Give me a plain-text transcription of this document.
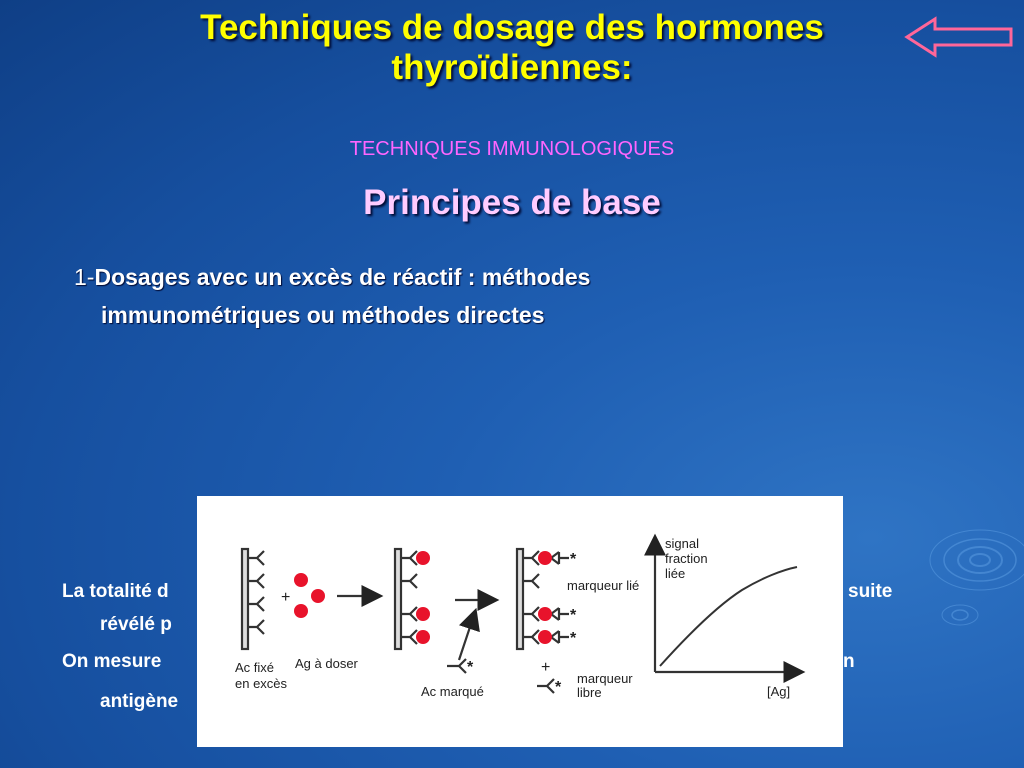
Techniques de dosage des hormones
thyroïdiennes:
TECHNIQUES IMMUNOLOGIQUES
Principes de base
1-Dosages avec un excès de réactif : méthodes
immunométriques ou méthodes directes
La totalité d	suite
révélé p
On mesure	n
antigène
*
*
*
*
*
+
+
Ac fixé
en excès
Ag à doser
Ac marqué
marqueur lié
marqueur
libre
signal
fraction
liée
[Ag]
